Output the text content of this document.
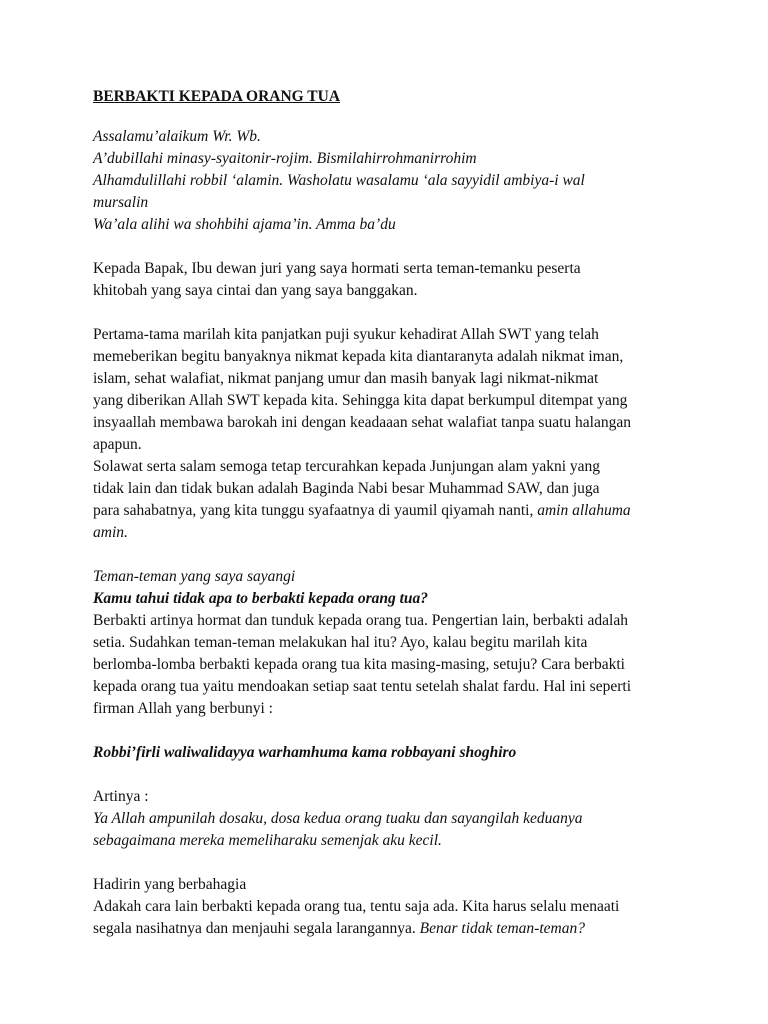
BERBAKTI KEPADA ORANG TUA

Assalamu’alaikum Wr. Wb.

A’dubillahi minasy-syaitonir-rojim. Bismilahirrohmanirrohim

Alhamdulillahi robbil ‘alamin. Washolatu wasalamu ‘ala sayyidil ambiya-i wal

mursalin

Wa’ala alihi wa shohbihi ajama’in. Amma ba’du

Kepada Bapak, Ibu dewan juri yang saya hormati serta teman-temanku peserta

khitobah yang saya cintai dan yang saya banggakan.

Pertama-tama marilah kita panjatkan puji syukur kehadirat Allah SWT yang telah

memeberikan begitu banyaknya nikmat kepada kita diantaranyta adalah nikmat iman,

islam, sehat walafiat, nikmat panjang umur dan masih banyak lagi nikmat-nikmat

yang diberikan Allah SWT kepada kita. Sehingga kita dapat berkumpul ditempat yang

insyaallah membawa barokah ini dengan keadaaan sehat walafiat tanpa suatu halangan

apapun.

Solawat serta salam semoga tetap tercurahkan kepada Junjungan alam yakni yang

tidak lain dan tidak bukan adalah Baginda Nabi besar Muhammad SAW, dan juga

para sahabatnya, yang kita tunggu syafaatnya di yaumil qiyamah nanti, amin allahuma

amin.

Teman-teman yang saya sayangi

Kamu tahui tidak apa to berbakti kepada orang tua?

Berbakti artinya hormat dan tunduk kepada orang tua. Pengertian lain, berbakti adalah

setia. Sudahkan teman-teman melakukan hal itu? Ayo, kalau begitu marilah kita

berlomba-lomba berbakti kepada orang tua kita masing-masing, setuju? Cara berbakti

kepada orang tua yaitu mendoakan setiap saat tentu setelah shalat fardu. Hal ini seperti

firman Allah yang berbunyi :

Robbi’firli waliwalidayya warhamhuma kama robbayani shoghiro

Artinya :

Ya Allah ampunilah dosaku, dosa kedua orang tuaku dan sayangilah keduanya

sebagaimana mereka memeliharaku semenjak aku kecil.

Hadirin yang berbahagia

Adakah cara lain berbakti kepada orang tua, tentu saja ada. Kita harus selalu menaati

segala nasihatnya dan menjauhi segala larangannya. Benar tidak teman-teman?
